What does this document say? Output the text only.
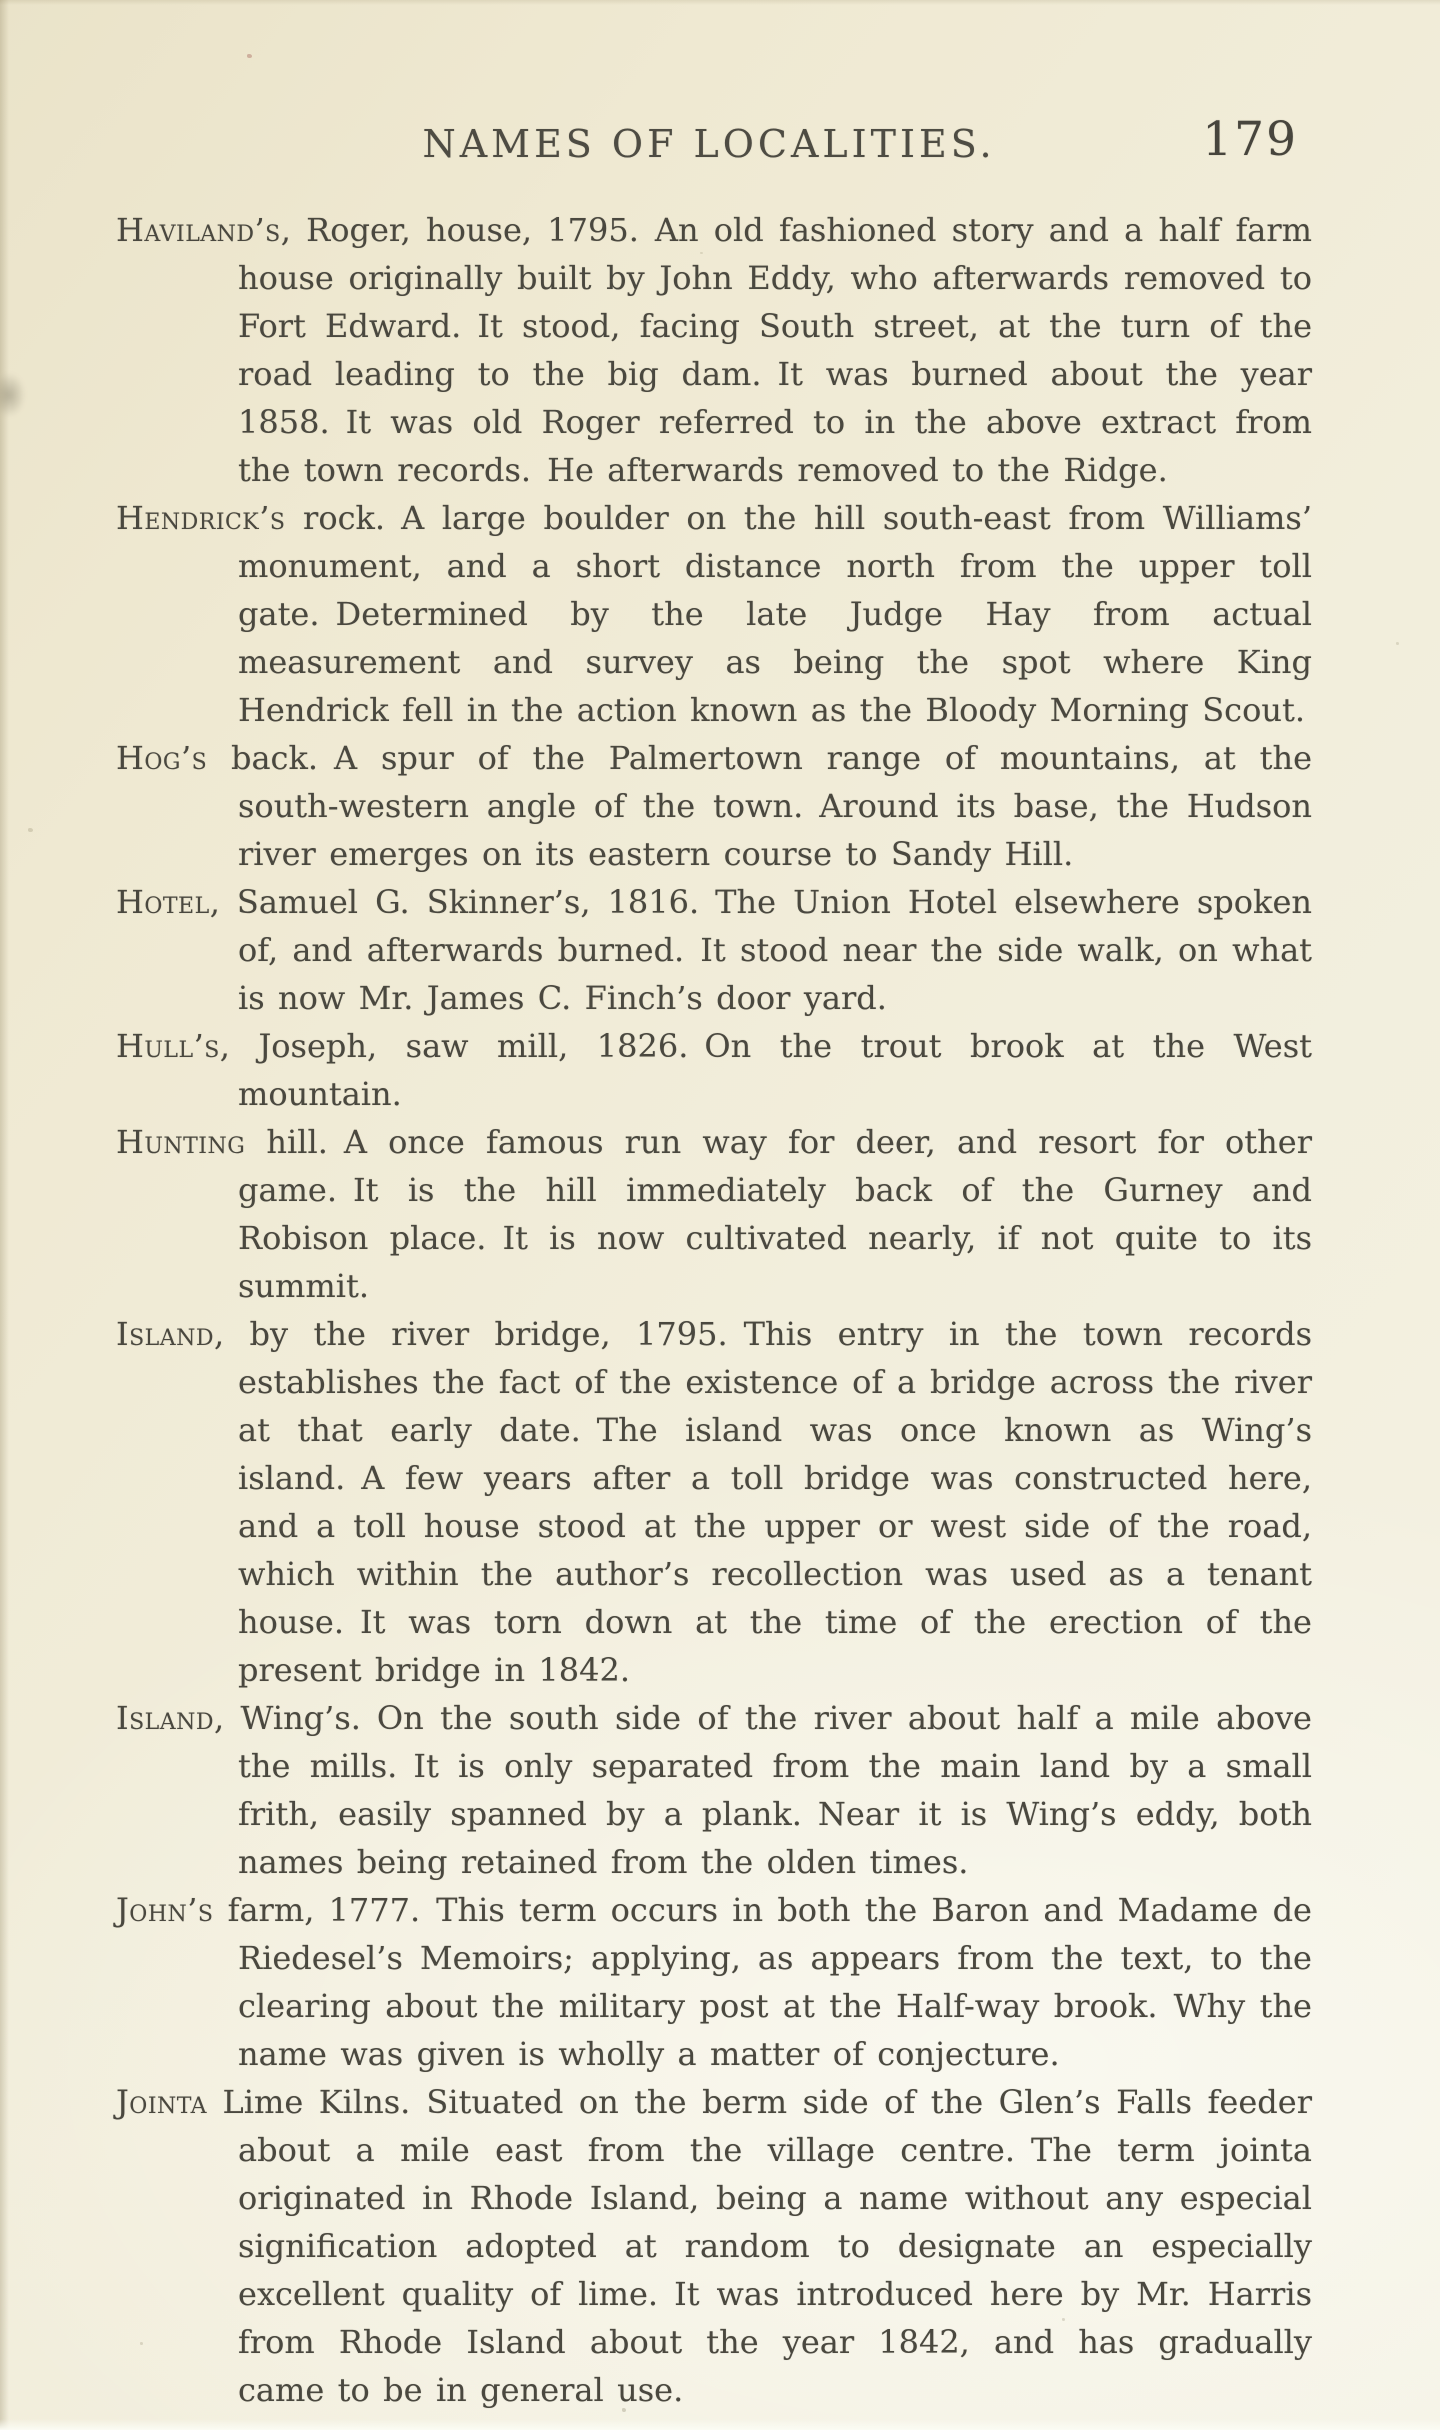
NAMES OF LOCALITIES.	179

Haviland’s, Roger, house, 1795. An old fashioned story and a half farm house originally built by John Eddy, who afterwards removed to Fort Edward. It stood, facing South street, at the turn of the road leading to the big dam. It was burned about the year 1858. It was old Roger referred to in the above extract from the town records. He afterwards removed to the Ridge.

Hendrick’s rock. A large boulder on the hill south-east from Williams’ monument, and a short distance north from the upper toll gate. Determined by the late Judge Hay from actual measurement and survey as being the spot where King Hendrick fell in the action known as the Bloody Morning Scout.

Hog’s back. A spur of the Palmertown range of mountains, at the south-western angle of the town. Around its base, the Hudson river emerges on its eastern course to Sandy Hill.

Hotel, Samuel G. Skinner’s, 1816. The Union Hotel elsewhere spoken of, and afterwards burned. It stood near the side walk, on what is now Mr. James C. Finch’s door yard.

Hull’s, Joseph, saw mill, 1826. On the trout brook at the West mountain.

Hunting hill. A once famous run way for deer, and resort for other game. It is the hill immediately back of the Gurney and Robison place. It is now cultivated nearly, if not quite to its summit.

Island, by the river bridge, 1795. This entry in the town records establishes the fact of the existence of a bridge across the river at that early date. The island was once known as Wing’s island. A few years after a toll bridge was constructed here, and a toll house stood at the upper or west side of the road, which within the author’s recollection was used as a tenant house. It was torn down at the time of the erection of the present bridge in 1842.

Island, Wing’s. On the south side of the river about half a mile above the mills. It is only separated from the main land by a small frith, easily spanned by a plank. Near it is Wing’s eddy, both names being retained from the olden times.

John’s farm, 1777. This term occurs in both the Baron and Madame de Riedesel’s Memoirs; applying, as appears from the text, to the clearing about the military post at the Half-way brook. Why the name was given is wholly a matter of conjecture.

Jointa Lime Kilns. Situated on the berm side of the Glen’s Falls feeder about a mile east from the village centre. The term jointa originated in Rhode Island, being a name without any especial signification adopted at random to designate an especially excellent quality of lime. It was introduced here by Mr. Harris from Rhode Island about the year 1842, and has gradually came to be in general use.
